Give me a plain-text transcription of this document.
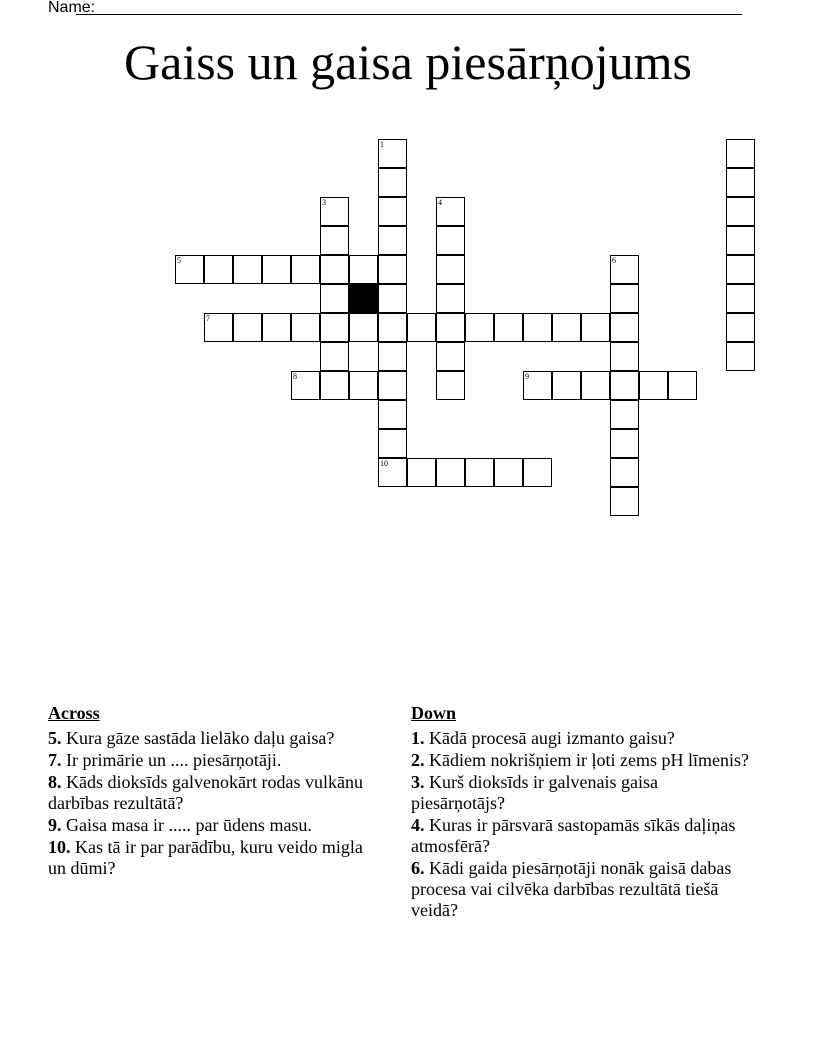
Name:
Gaiss un gaisa piesārņojums
1
10
3	4
6
5
7
8	9
Across
5. Kura gāze sastāda lielāko daļu gaisa?
7. Ir primārie un .... piesārņotāji.
8. Kāds dioksīds galvenokārt rodas vulkānu darbības rezultātā?
9. Gaisa masa ir ..... par ūdens masu.
10. Kas tā ir par parādību, kuru veido migla un dūmi?
Down
1. Kādā procesā augi izmanto gaisu?
2. Kādiem nokrišņiem ir ļoti zems pH līmenis?
3. Kurš dioksīds ir galvenais gaisa piesārņotājs?
4. Kuras ir pārsvarā sastopamās sīkās daļiņas atmosfērā?
6. Kādi gaida piesārņotāji nonāk gaisā dabas procesa vai cilvēka darbības rezultātā tiešā veidā?
